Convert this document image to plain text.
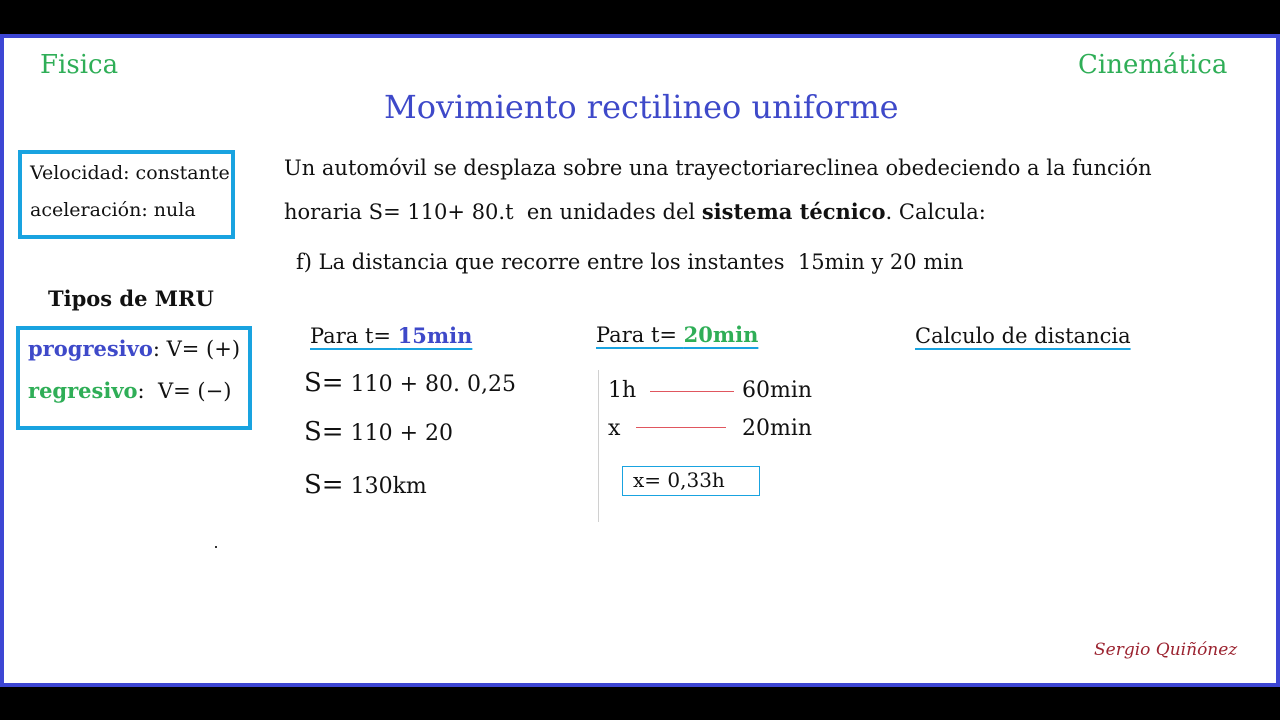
Fisica	Cinemática
Movimiento rectilineo uniforme
Velocidad: constante
aceleración: nula
Tipos de MRU
progresivo: V= (+)
regresivo:  V= (−)
Un automóvil se desplaza sobre una trayectoriareclinea obedeciendo a la función
horaria S= 110+ 80.t  en unidades del sistema técnico. Calcula:
f) La distancia que recorre entre los instantes  15min y 20 min
Para t= 15min
S= 110 + 80. 0,25
S= 110 + 20
S= 130km
Para t= 20min
1h	60min
x	20min
x= 0,33h
Calculo de distancia
Sergio Quiñónez
